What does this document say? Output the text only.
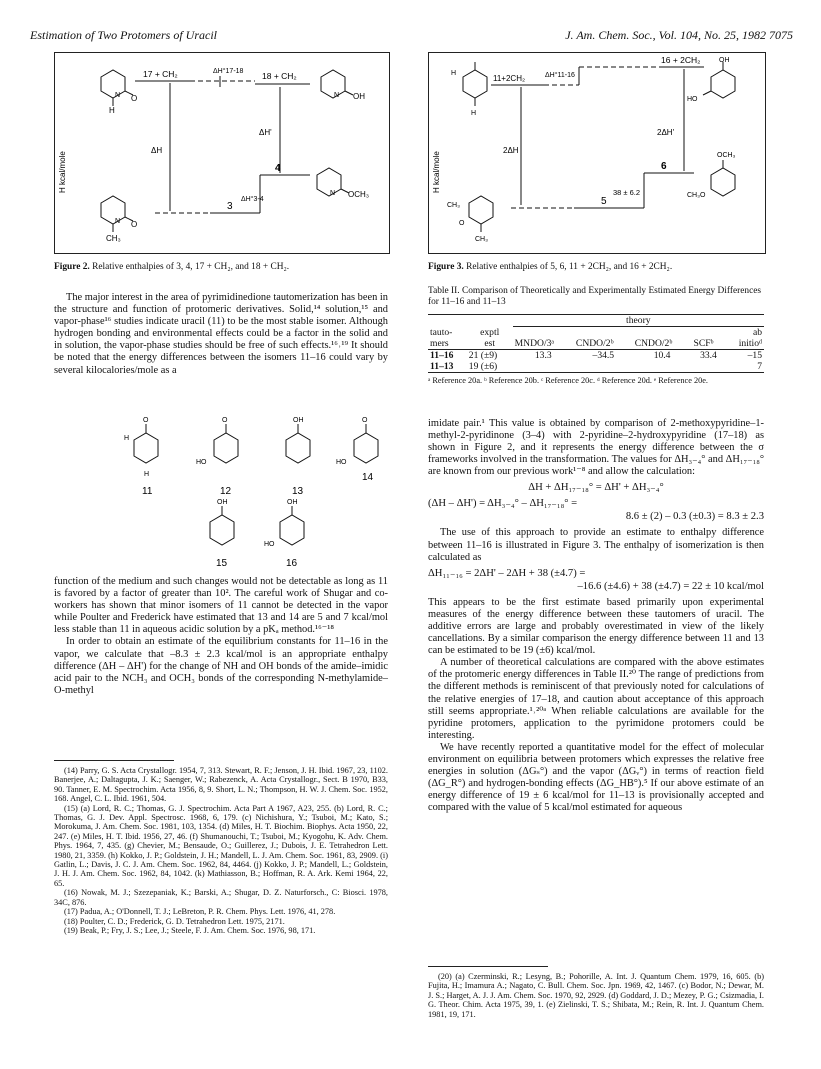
Estimation of Two Protomers of Uracil	J. Am. Chem. Soc., Vol. 104, No. 25, 1982 7075
H kcal/mole
O
H
N
17 + CH₂	ΔH°17-18 18 + CH₂
N OH
ΔH
ΔH'
4
3
ΔH°3-4
N OCH₃
N O
CH₃
Figure 2. Relative enthalpies of 3, 4, 17 + CH₂, and 18 + CH₂.
H kcal/mole
H
H
11+2CH₂	ΔH°11-16
16 + 2CH₂	OH
HO
2ΔH
2ΔH'
6
5
38 ± 6.2
OCH₃
CH₃O
CH₃
CH₃
O
Figure 3. Relative enthalpies of 5, 6, 11 + 2CH₂, and 16 + 2CH₂.

The major interest in the area of pyrimidinedione tautomerization has been in the structure and function of protomeric derivatives. Solid,¹⁴ solution,¹⁵ and vapor-phase¹⁶ studies indicate uracil (11) to be the most stable isomer. Although hydrogen bonding and environmental effects could be a factor in the solid and in solution, the vapor-phase studies should be free of such effects.¹⁶˒¹⁹ It should be noted that the energy differences between the isomers 11–16 could vary by several kilocalories/mole as a

O	O	OH	O
OH	OH
HO	HO
HO
H
H
11	12	13
14
15	16

function of the medium and such changes would not be detectable as long as 11 is favored by a factor of greater than 10². The careful work of Shugar and co-workers has shown that minor isomers of 11 cannot be detected in the vapor while Poulter and Frederick have estimated that 13 and 14 are 5 and 7 kcal/mol less stable than 11 in aqueous acidic solution by a pKₐ method.¹⁶⁻¹⁸

In order to obtain an estimate of the equilibrium constants for 11–16 in the vapor, we calculate that –8.3 ± 2.3 kcal/mol is an appropriate enthalpy difference (ΔH – ΔH') for the change of NH and OH bonds of the amide–imidic acid pair to the NCH₃ and OCH₃ bonds of the corresponding N-methylamide–O-methyl

(14) Parry, G. S. Acta Crystallogr. 1954, 7, 313. Stewart, R. F.; Jenson, J. H. Ibid. 1967, 23, 1102. Banerjee, A.; Daltagupta, J. K.; Saenger, W.; Rabezenck, A. Acta Crystallogr., Sect. B 1970, B33, 90. Tanner, E. M. Spectrochim. Acta 1956, 8, 9. Short, L. N.; Thompson, H. W. J. Chem. Soc. 1952, 168. Angel, C. L. Ibid. 1961, 504.

(15) (a) Lord, R. C.; Thomas, G. J. Spectrochim. Acta Part A 1967, A23, 255. (b) Lord, R. C.; Thomas, G. J. Dev. Appl. Spectrosc. 1968, 6, 179. (c) Nichishura, Y.; Tsuboi, M.; Kato, S.; Morokuma, J. Am. Chem. Soc. 1981, 103, 1354. (d) Miles, H. T. Biochim. Biophys. Acta 1950, 22, 247. (e) Miles, H. T. Ibid. 1956, 27, 46. (f) Shumanouchi, T.; Tsuboi, M.; Kyogohu, K. Adv. Chem. Phys. 1964, 7, 435. (g) Chevier, M.; Bensaude, O.; Guillerez, J.; Dubois, J. E. Tetrahedron Lett. 1980, 21, 3359. (h) Kokko, J. P.; Goldstein, J. H.; Mandell, L. J. Am. Chem. Soc. 1961, 83, 2909. (i) Gatlin, L.; Davis, J. C. J. Am. Chem. Soc. 1962, 84, 4464. (j) Kokko, J. P.; Mandell, L.; Goldstein, J. H. J. Am. Chem. Soc. 1962, 84, 1042. (k) Mathiasson, B.; Hoffman, R. A. Ark. Kemi 1964, 22, 65.

(16) Nowak, M. J.; Szezepaniak, K.; Barski, A.; Shugar, D. Z. Naturforsch., C: Biosci. 1978, 34C, 876.

(17) Padua, A.; O'Donnell, T. J.; LeBreton, P. R. Chem. Phys. Lett. 1976, 41, 278.

(18) Poulter, C. D.; Frederick, G. D. Tetrahedron Lett. 1975, 2171.

(19) Beak, P.; Fry, J. S.; Lee, J.; Steele, F. J. Am. Chem. Soc. 1976, 98, 171.

Table II. Comparison of Theoretically and Experimentally Estimated Energy Differences for 11–16 and 11–13
tauto-
mers	exptl
est	theory				
		MNDO/3ᵃ	CNDO/2ᵇ	CNDO/2ᵇ	SCFᵇ	ab
initioᵈ

11–16	21 (±9)	13.3	–34.5	10.4	33.4	–15
11–13	19 (±6)					7

ᵃ Reference 20a. ᵇ Reference 20b. ᶜ Reference 20c. ᵈ Reference 20d. ᵉ Reference 20e.

imidate pair.¹ This value is obtained by comparison of 2-methoxypyridine–1-methyl-2-pyridinone (3–4) with 2-pyridine–2-hydroxypyridine (17–18) as shown in Figure 2, and it represents the energy difference between the σ frameworks involved in the transformation. The values for ΔH₃₋₄° and ΔH₁₇₋₁₈° are known from our previous work¹⁻⁸ and allow the calculation:

ΔH + ΔH₁₇₋₁₈° = ΔH' + ΔH₃₋₄°
(ΔH – ΔH') = ΔH₃₋₄° – ΔH₁₇₋₁₈° =
8.6 ± (2) – 0.3 (±0.3) = 8.3 ± 2.3

The use of this approach to provide an estimate to enthalpy difference between 11–16 is illustrated in Figure 3. The enthalpy of isomerization is then calculated as

ΔH₁₁₋₁₆ = 2ΔH' – 2ΔH + 38 (±4.7) =
–16.6 (±4.6) + 38 (±4.7) = 22 ± 10 kcal/mol

This appears to be the first estimate based primarily upon experimental measures of the energy difference between these tautomers of uracil. The additive errors are large and probably overestimated in view of the likely cancellations. By a similar comparison the energy difference between 11 and 13 can be estimated to be 19 (±6) kcal/mol.

A number of theoretical calculations are compared with the above estimates of the protomeric energy differences in Table II.²⁰ The range of predictions from the different methods is reminiscent of that previously noted for calculations of the relative energies of 17–18, and caution about acceptance of this approach still seems appropriate.¹˒²⁰ᵃ When reliable calculations are available for the pyridine protomers, application to the pyrimidone protomers could be interesting.

We have recently reported a quantitative model for the effect of molecular environment on equilibria between protomers which expresses the relative free energies in solution (ΔGₛ°) and the vapor (ΔGᵥ°) in terms of reaction field (ΔG_R°) and hydrogen-bonding effects (ΔG_HB°).⁵ If our above estimate of an energy difference of 19 ± 6 kcal/mol for 11–13 is provisionally accepted and compared with the value of 5 kcal/mol estimated for aqueous

(20) (a) Czerminski, R.; Lesyng, B.; Pohorille, A. Int. J. Quantum Chem. 1979, 16, 605. (b) Fujita, H.; Imamura A.; Nagato, C. Bull. Chem. Soc. Jpn. 1969, 42, 1467. (c) Bodor, N.; Dewar, M. J. S.; Harget, A. J. J. Am. Chem. Soc. 1970, 92, 2929. (d) Goddard, J. D.; Mezey, P. G.; Csizmadia, I. G. Theor. Chim. Acta 1975, 39, 1. (e) Zielinski, T. S.; Shibata, M.; Rein, R. Int. J. Quantum Chem. 1981, 19, 171.
